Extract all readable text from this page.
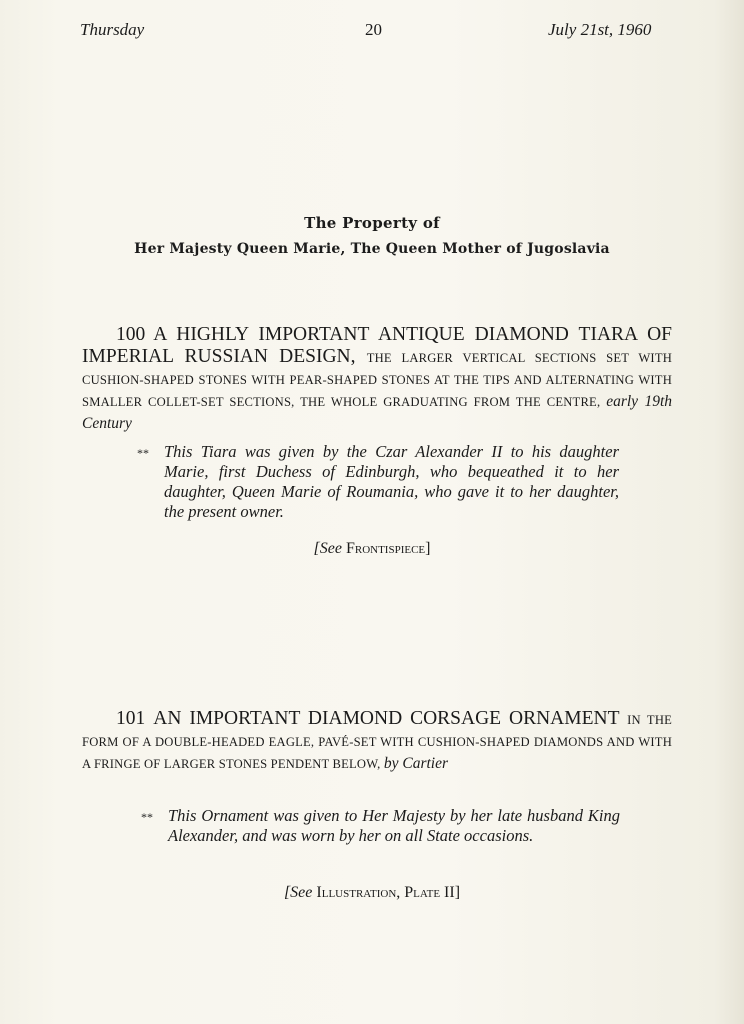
Thursday	20	July 21st, 1960
The Property of
Her Majesty Queen Marie, The Queen Mother of Jugoslavia
100 A HIGHLY IMPORTANT ANTIQUE DIAMOND TIARA OF IMPERIAL RUSSIAN DESIGN, THE LARGER VERTICAL SECTIONS SET WITH CUSHION-SHAPED STONES WITH PEAR-SHAPED STONES AT THE TIPS AND ALTERNATING WITH SMALLER COLLET-SET SECTIONS, THE WHOLE GRADUATING FROM THE CENTRE, early 19th Century
** This Tiara was given by the Czar Alexander II to his daughter Marie, first Duchess of Edinburgh, who bequeathed it to her daughter, Queen Marie of Roumania, who gave it to her daughter, the present owner.

[See Frontispiece]
101 AN IMPORTANT DIAMOND CORSAGE ORNAMENT IN THE FORM OF A DOUBLE-HEADED EAGLE, PAVÉ-SET WITH CUSHION-SHAPED DIAMONDS AND WITH A FRINGE OF LARGER STONES PENDENT BELOW, by Cartier
** This Ornament was given to Her Majesty by her late husband King Alexander, and was worn by her on all State occasions.

[See Illustration, Plate II]
